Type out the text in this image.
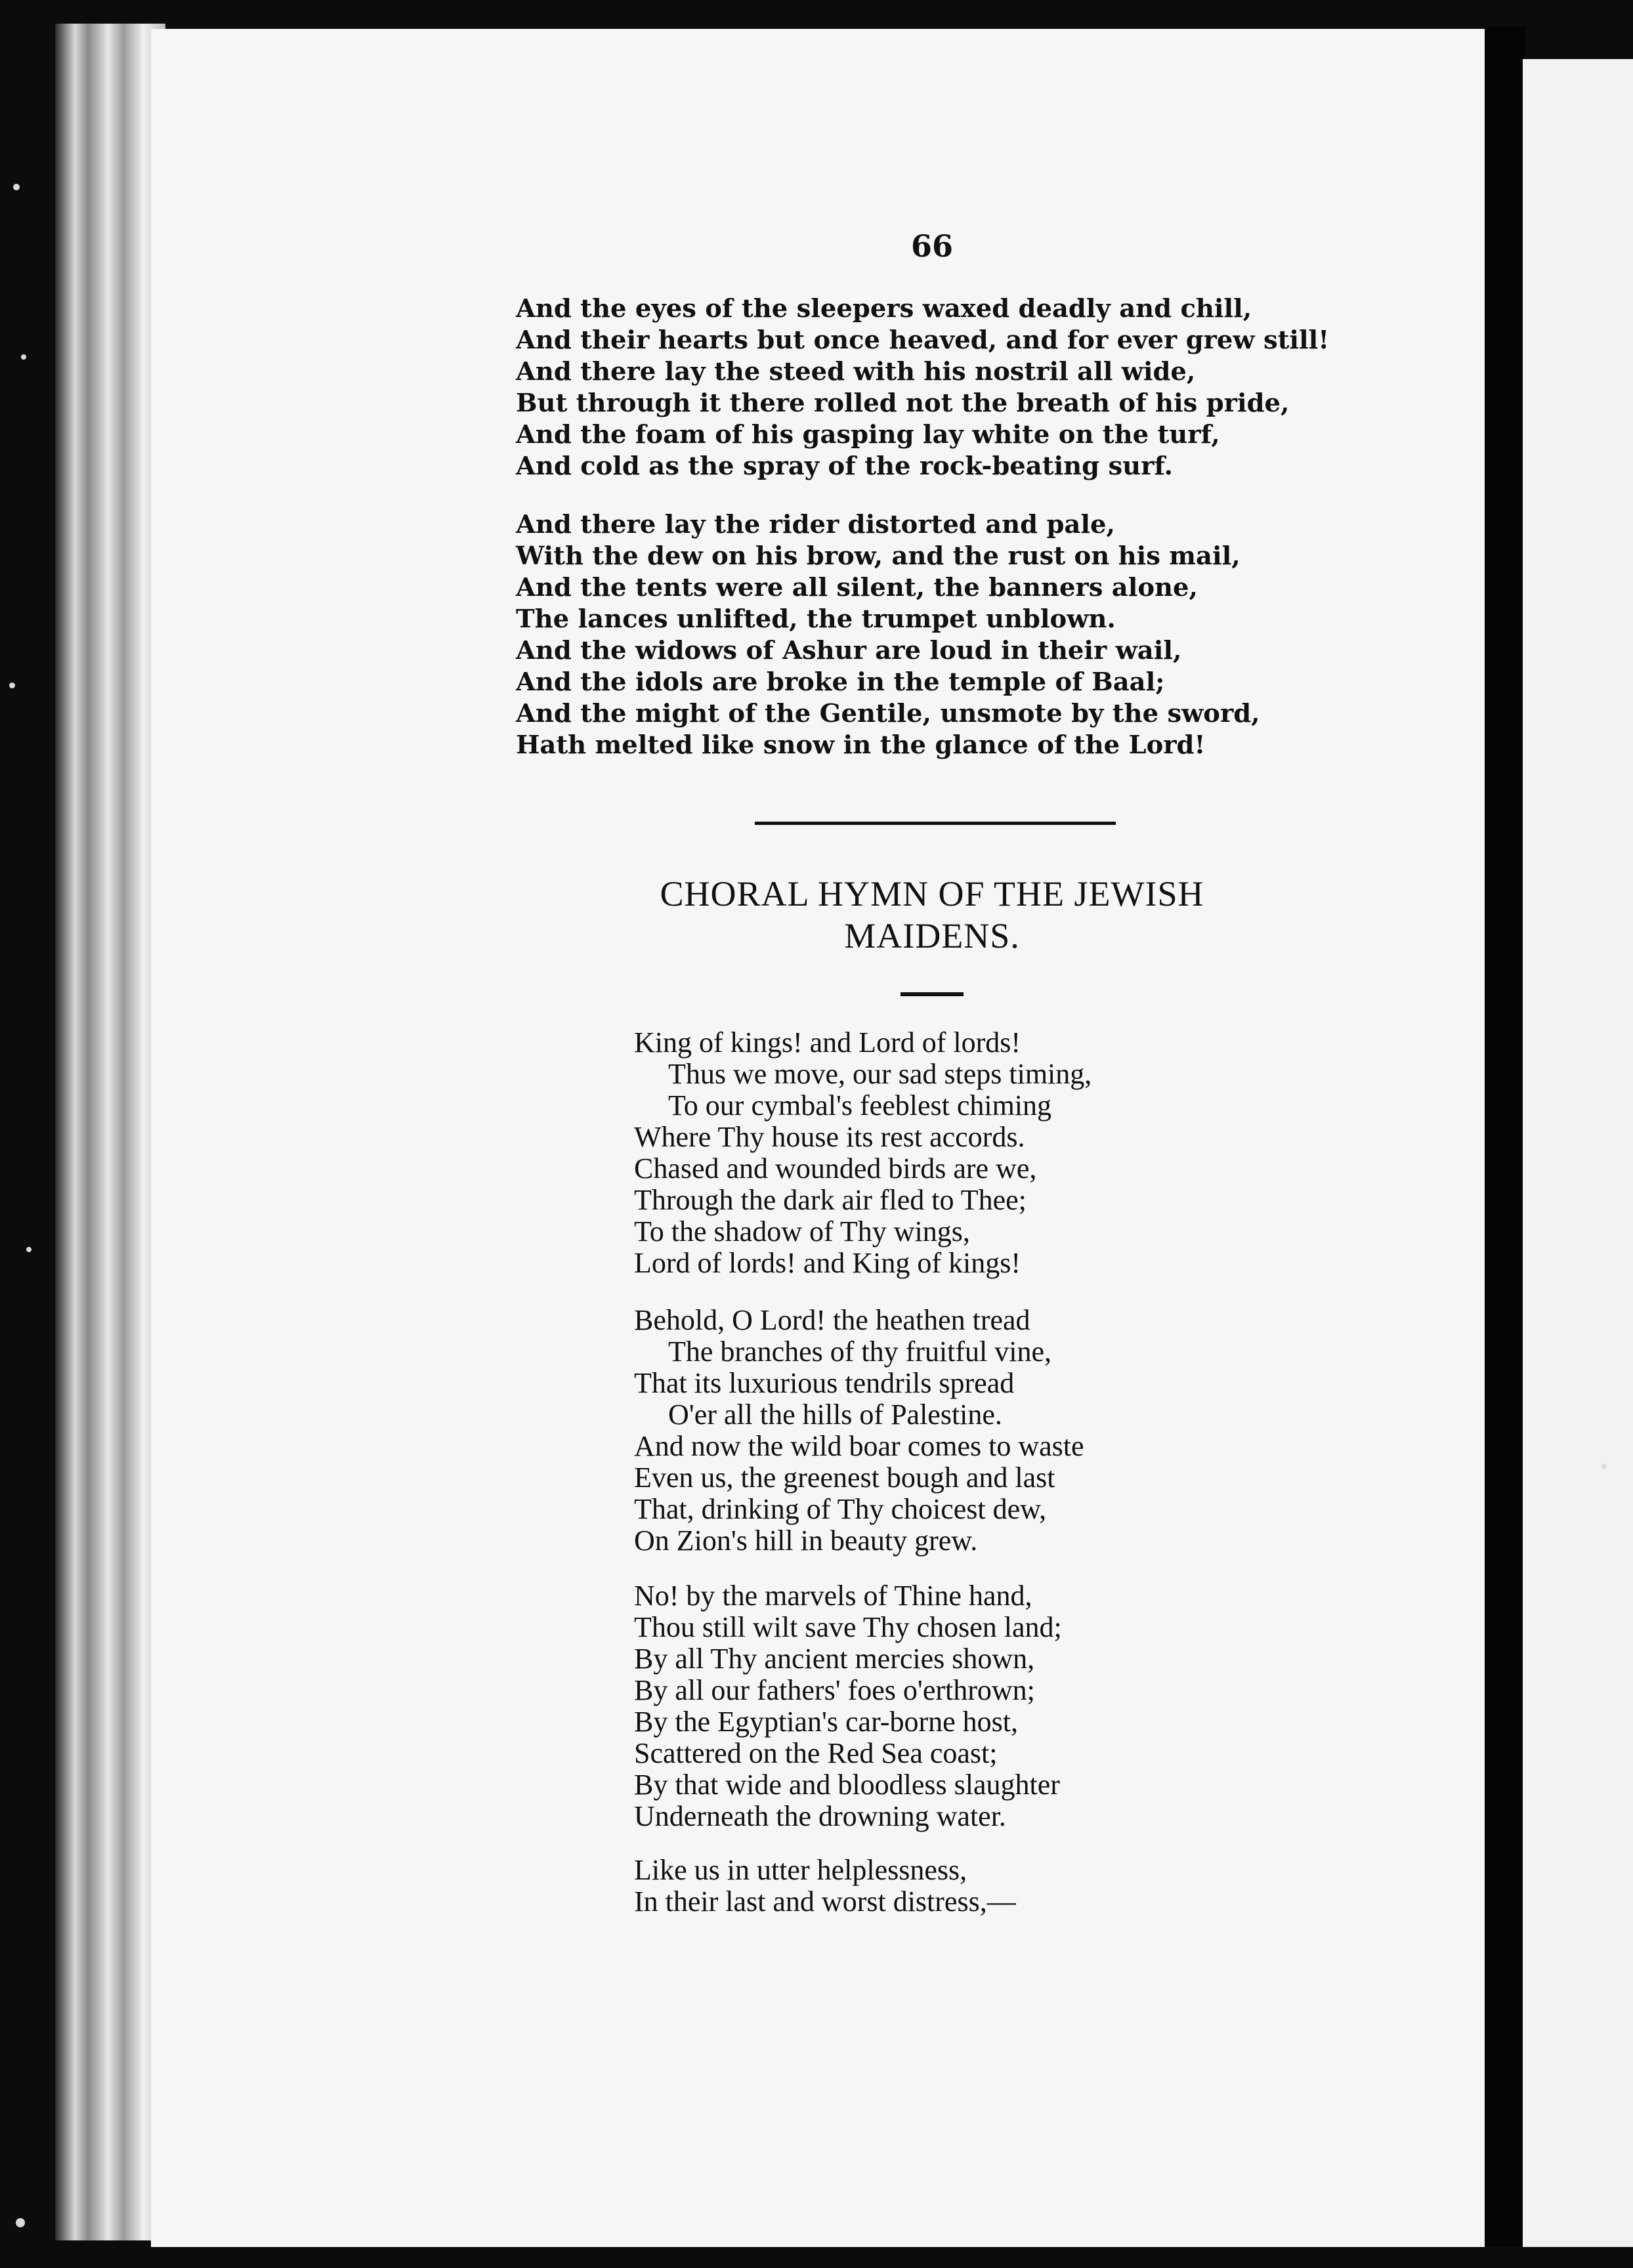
66
And the eyes of the sleepers waxed deadly and chill,
And their hearts but once heaved, and for ever grew still!
And there lay the steed with his nostril all wide,
But through it there rolled not the breath of his pride,
And the foam of his gasping lay white on the turf,
And cold as the spray of the rock-beating surf.
And there lay the rider distorted and pale,
With the dew on his brow, and the rust on his mail,
And the tents were all silent, the banners alone,
The lances unlifted, the trumpet unblown.
And the widows of Ashur are loud in their wail,
And the idols are broke in the temple of Baal;
And the might of the Gentile, unsmote by the sword,
Hath melted like snow in the glance of the Lord!
CHORAL HYMN OF THE JEWISH
MAIDENS.
King of kings! and Lord of lords!
Thus we move, our sad steps timing,
To our cymbal's feeblest chiming
Where Thy house its rest accords.
Chased and wounded birds are we,
Through the dark air fled to Thee;
To the shadow of Thy wings,
Lord of lords! and King of kings!
Behold, O Lord! the heathen tread
The branches of thy fruitful vine,
That its luxurious tendrils spread
O'er all the hills of Palestine.
And now the wild boar comes to waste
Even us, the greenest bough and last
That, drinking of Thy choicest dew,
On Zion's hill in beauty grew.
No! by the marvels of Thine hand,
Thou still wilt save Thy chosen land;
By all Thy ancient mercies shown,
By all our fathers' foes o'erthrown;
By the Egyptian's car-borne host,
Scattered on the Red Sea coast;
By that wide and bloodless slaughter
Underneath the drowning water.
Like us in utter helplessness,
In their last and worst distress,—
